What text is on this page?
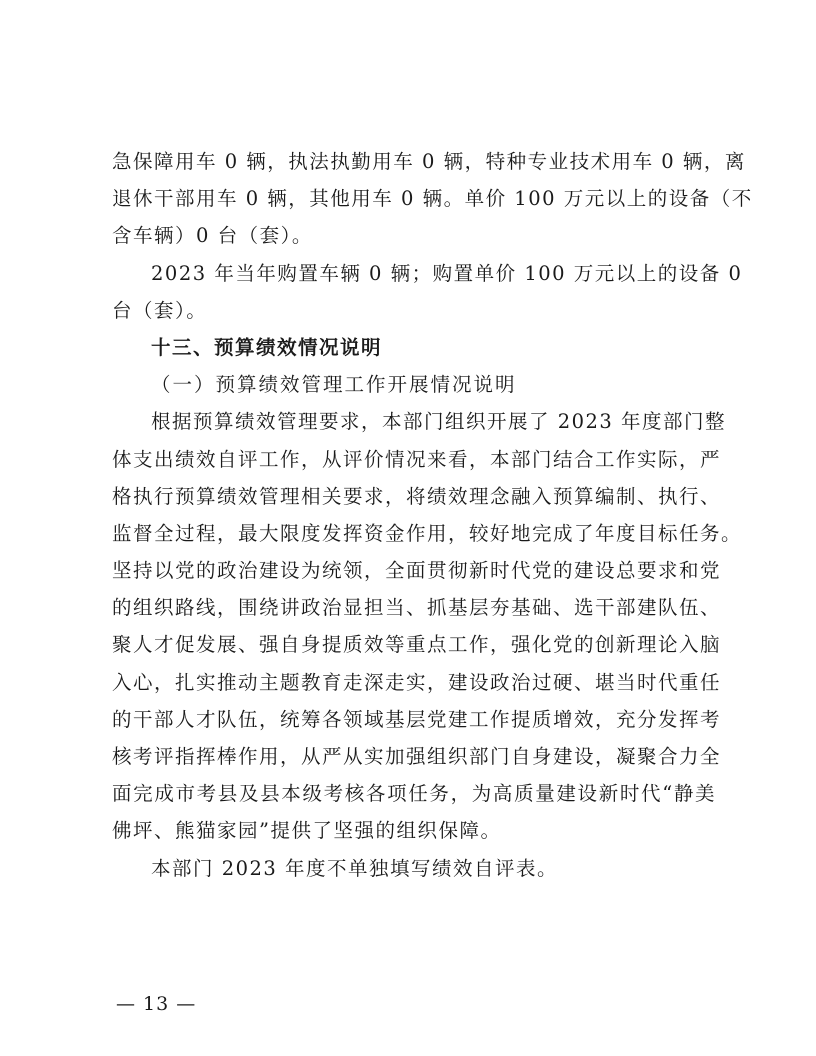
急保障用车 0 辆，执法执勤用车 0 辆，特种专业技术用车 0 辆，离
退休干部用车 0 辆，其他用车 0 辆。单价 100 万元以上的设备（不
含车辆）0 台（套）。
2023 年当年购置车辆 0 辆；购置单价 100 万元以上的设备 0
台（套）。
十三、预算绩效情况说明
（一）预算绩效管理工作开展情况说明
根据预算绩效管理要求，本部门组织开展了 2023 年度部门整
体支出绩效自评工作，从评价情况来看，本部门结合工作实际，严
格执行预算绩效管理相关要求，将绩效理念融入预算编制、执行、
监督全过程，最大限度发挥资金作用，较好地完成了年度目标任务。
坚持以党的政治建设为统领，全面贯彻新时代党的建设总要求和党
的组织路线，围绕讲政治显担当、抓基层夯基础、选干部建队伍、
聚人才促发展、强自身提质效等重点工作，强化党的创新理论入脑
入心，扎实推动主题教育走深走实，建设政治过硬、堪当时代重任
的干部人才队伍，统筹各领域基层党建工作提质增效，充分发挥考
核考评指挥棒作用，从严从实加强组织部门自身建设，凝聚合力全
面完成市考县及县本级考核各项任务，为高质量建设新时代“静美
佛坪、熊猫家园”提供了坚强的组织保障。
本部门 2023 年度不单独填写绩效自评表。
— 13 —
